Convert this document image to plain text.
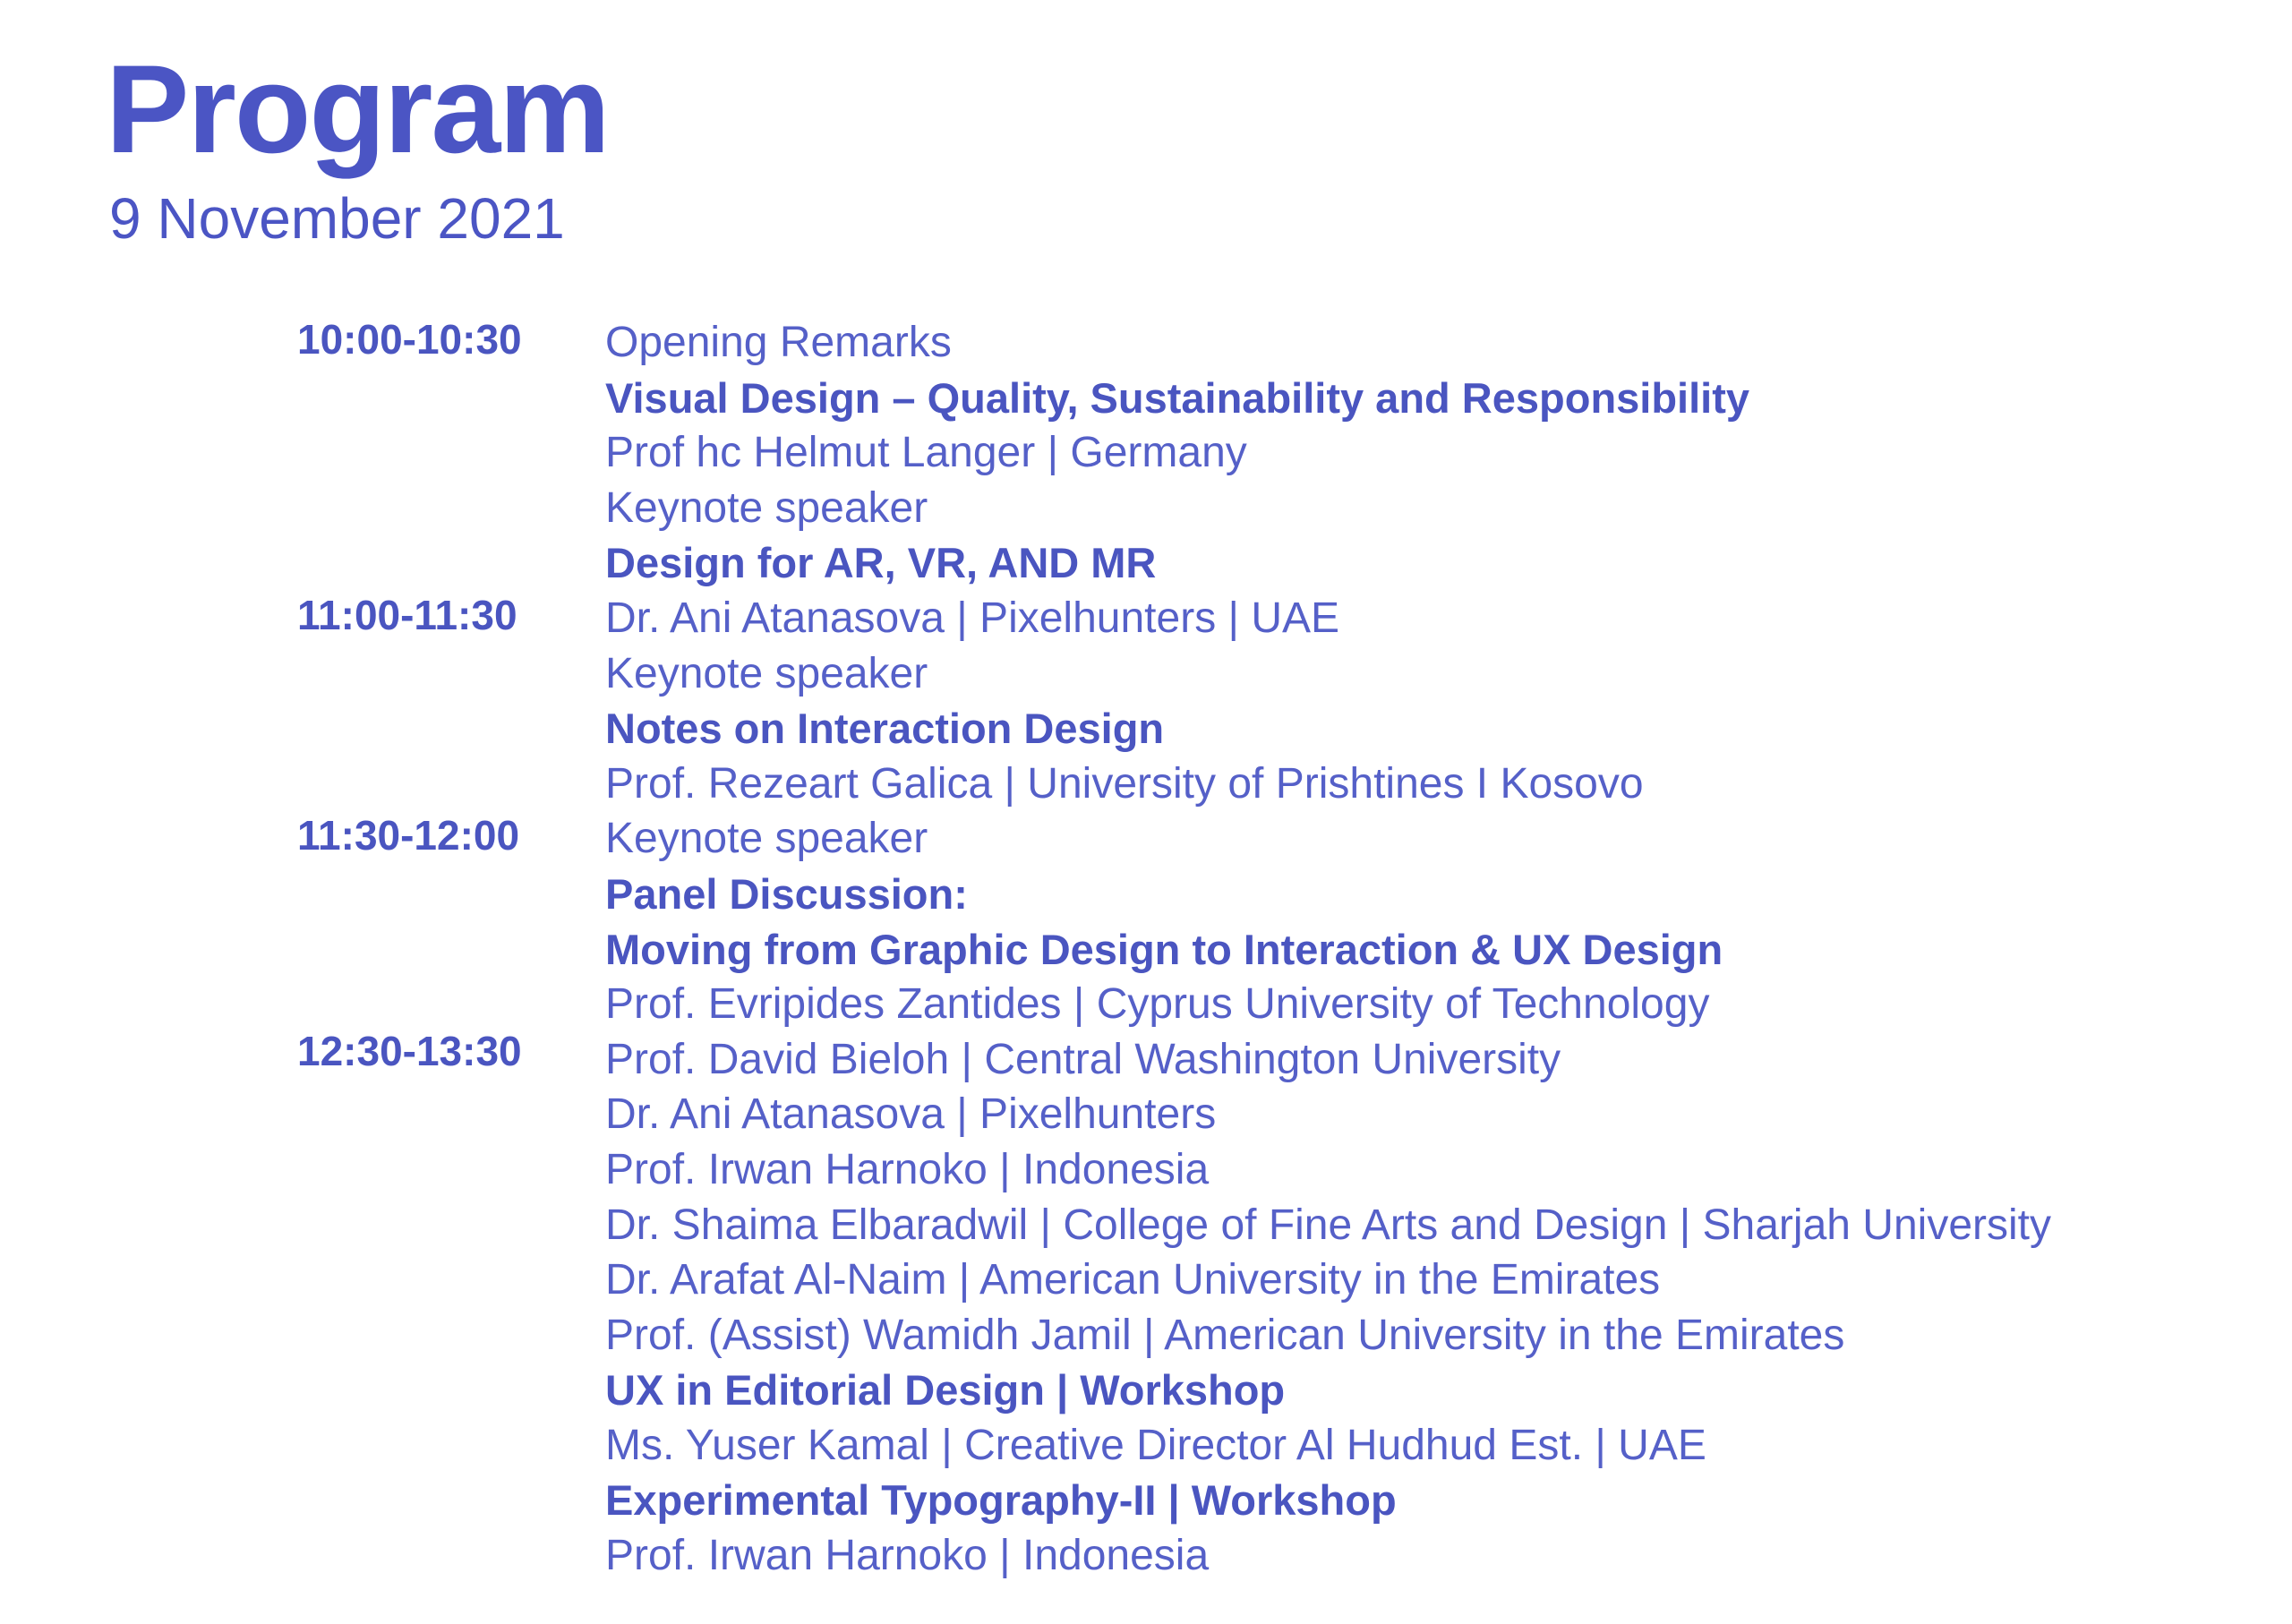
Program
9 November 2021
10:00-10:30
11:00-11:30
11:30-12:00
12:30-13:30
Opening Remarks
Visual Design – Quality, Sustainability and Responsibility
Prof hc Helmut Langer | Germany
Keynote speaker
Design for AR, VR, AND MR
Dr. Ani Atanasova | Pixelhunters | UAE
Keynote speaker
Notes on Interaction Design
Prof. Rezeart Galica | University of Prishtines I Kosovo
Keynote speaker
Panel Discussion:
Moving from Graphic Design to Interaction & UX Design
Prof. Evripides Zantides | Cyprus University of Technology
Prof. David Bieloh | Central Washington University
Dr. Ani Atanasova | Pixelhunters
Prof. Irwan Harnoko | Indonesia
Dr. Shaima Elbaradwil | College of Fine Arts and Design | Sharjah University
Dr. Arafat Al-Naim | American University in the Emirates
Prof. (Assist) Wamidh Jamil | American University in the Emirates
UX in Editorial Design | Workshop
Ms. Yuser Kamal | Creative Director Al Hudhud Est. | UAE
Experimental Typography-II | Workshop
Prof. Irwan Harnoko | Indonesia
